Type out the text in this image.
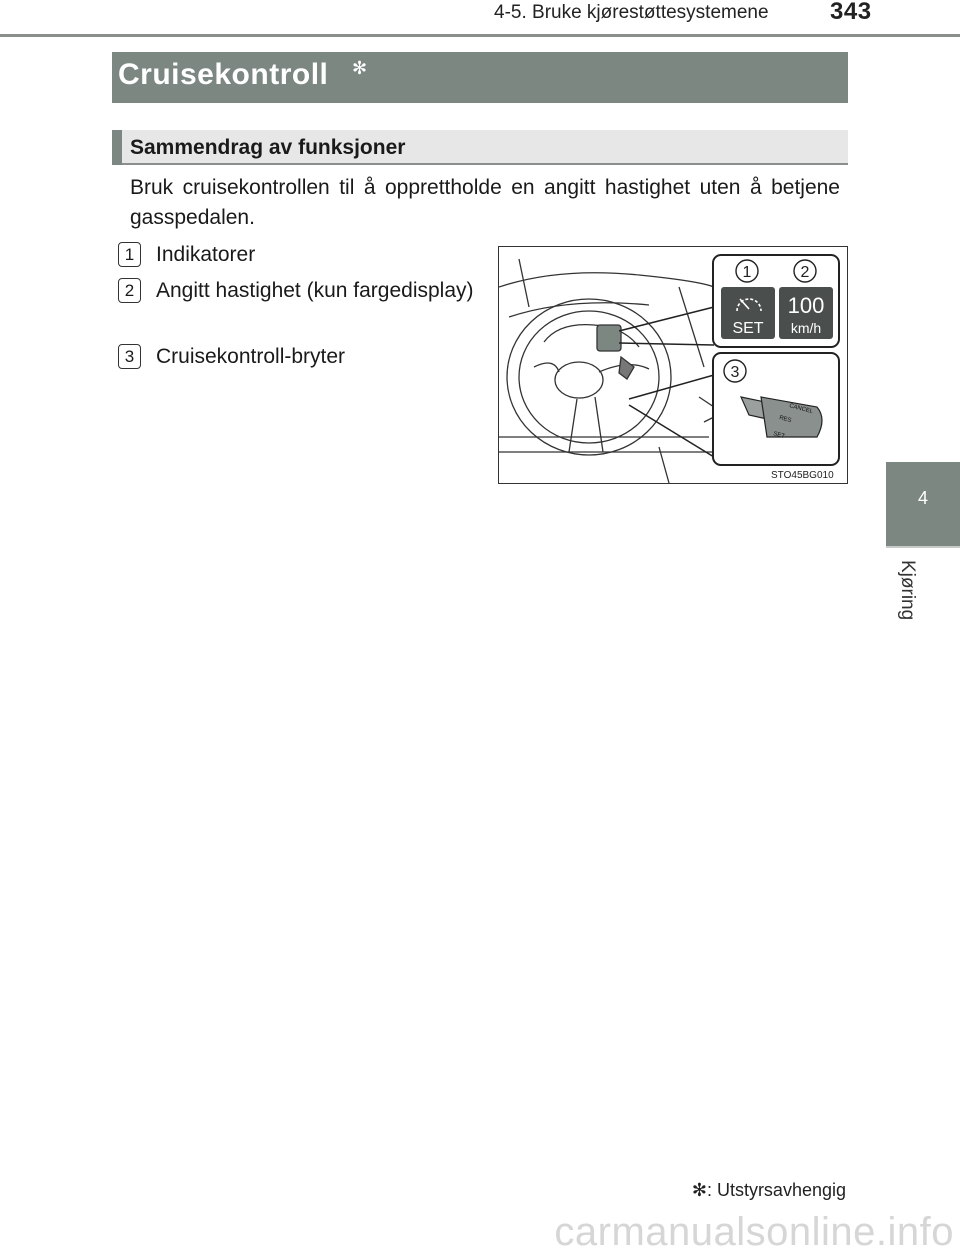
4-5. Bruke kjørestøttesystemene	343
Cruisekontroll ✻
Sammendrag av funksjoner
Bruk cruisekontrollen til å opprettholde en angitt hastighet uten å betjene gasspedalen.
1	Indikatorer
2	Angitt hastighet (kun fargedisplay)
3	Cruisekontroll-bryter
1	2
SET
100
km/h
3
CANCEL
RES
SET
STO45BG010
4
Kjøring
✻: Utstyrsavhengig
carmanualsonline.info
